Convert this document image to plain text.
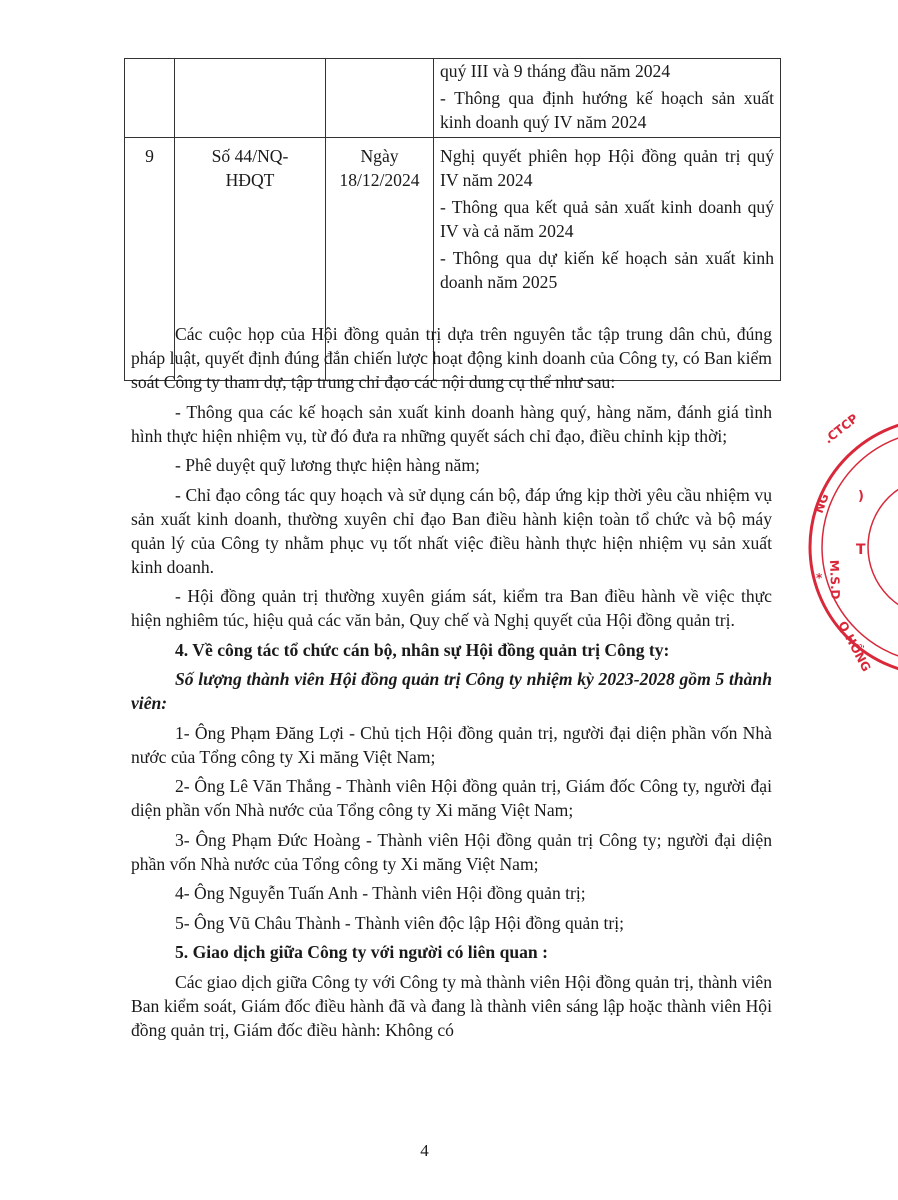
			quý III và 9 tháng đầu năm 2024

- Thông qua định hướng kế hoạch sản xuất kinh doanh quý IV năm 2024

9	Số 44/NQ-HĐQT	Ngày 18/12/2024	Nghị quyết phiên họp Hội đồng quản trị quý IV năm 2024

- Thông qua kết quả sản xuất kinh doanh quý IV và cả năm 2024

- Thông qua dự kiến kế hoạch sản xuất kinh doanh năm 2025

Các cuộc họp của Hội đồng quản trị dựa trên nguyên tắc tập trung dân chủ, đúng pháp luật, quyết định đúng đắn chiến lược hoạt động kinh doanh của Công ty, có Ban kiểm soát Công ty tham dự, tập trung chỉ đạo các nội dung cụ thể như sau:

- Thông qua các kế hoạch sản xuất kinh doanh hàng quý, hàng năm, đánh giá tình hình thực hiện nhiệm vụ, từ đó đưa ra những quyết sách chỉ đạo, điều chỉnh kịp thời;

- Phê duyệt quỹ lương thực hiện hàng năm;

- Chỉ đạo công tác quy hoạch và sử dụng cán bộ, đáp ứng kịp thời yêu cầu nhiệm vụ sản xuất kinh doanh, thường xuyên chỉ đạo Ban điều hành kiện toàn tổ chức và bộ máy quản lý của Công ty nhằm phục vụ tốt nhất việc điều hành thực hiện nhiệm vụ sản xuất kinh doanh.

- Hội đồng quản trị thường xuyên giám sát, kiểm tra Ban điều hành về việc thực hiện nghiêm túc, hiệu quả các văn bản, Quy chế và Nghị quyết của Hội đồng quản trị.

4. Về công tác tổ chức cán bộ, nhân sự Hội đồng quản trị Công ty:

Số lượng thành viên Hội đồng quản trị Công ty nhiệm kỳ 2023-2028 gồm 5 thành viên:

1- Ông Phạm Đăng Lợi - Chủ tịch Hội đồng quản trị, người đại diện phần vốn Nhà nước của Tổng công ty Xi măng Việt Nam;

2- Ông Lê Văn Thắng - Thành viên Hội đồng quản trị, Giám đốc Công ty, người đại diện phần vốn Nhà nước của Tổng công ty Xi măng Việt Nam;

3- Ông Phạm Đức Hoàng - Thành viên Hội đồng quản trị Công ty; người đại diện phần vốn Nhà nước của Tổng công ty Xi măng Việt Nam;

4- Ông Nguyễn Tuấn Anh - Thành viên Hội đồng quản trị;

5- Ông Vũ Châu Thành - Thành viên độc lập Hội đồng quản trị;

5. Giao dịch giữa Công ty với người có liên quan :

Các giao dịch giữa Công ty với Công ty mà thành viên Hội đồng quản trị, thành viên Ban kiểm soát, Giám đốc điều hành đã và đang là thành viên sáng lập hoặc thành viên Hội đồng quản trị, Giám đốc điều hành: Không có

4
.CTCP
NG
M.S.D
*
T
Q.HỒNG
)
